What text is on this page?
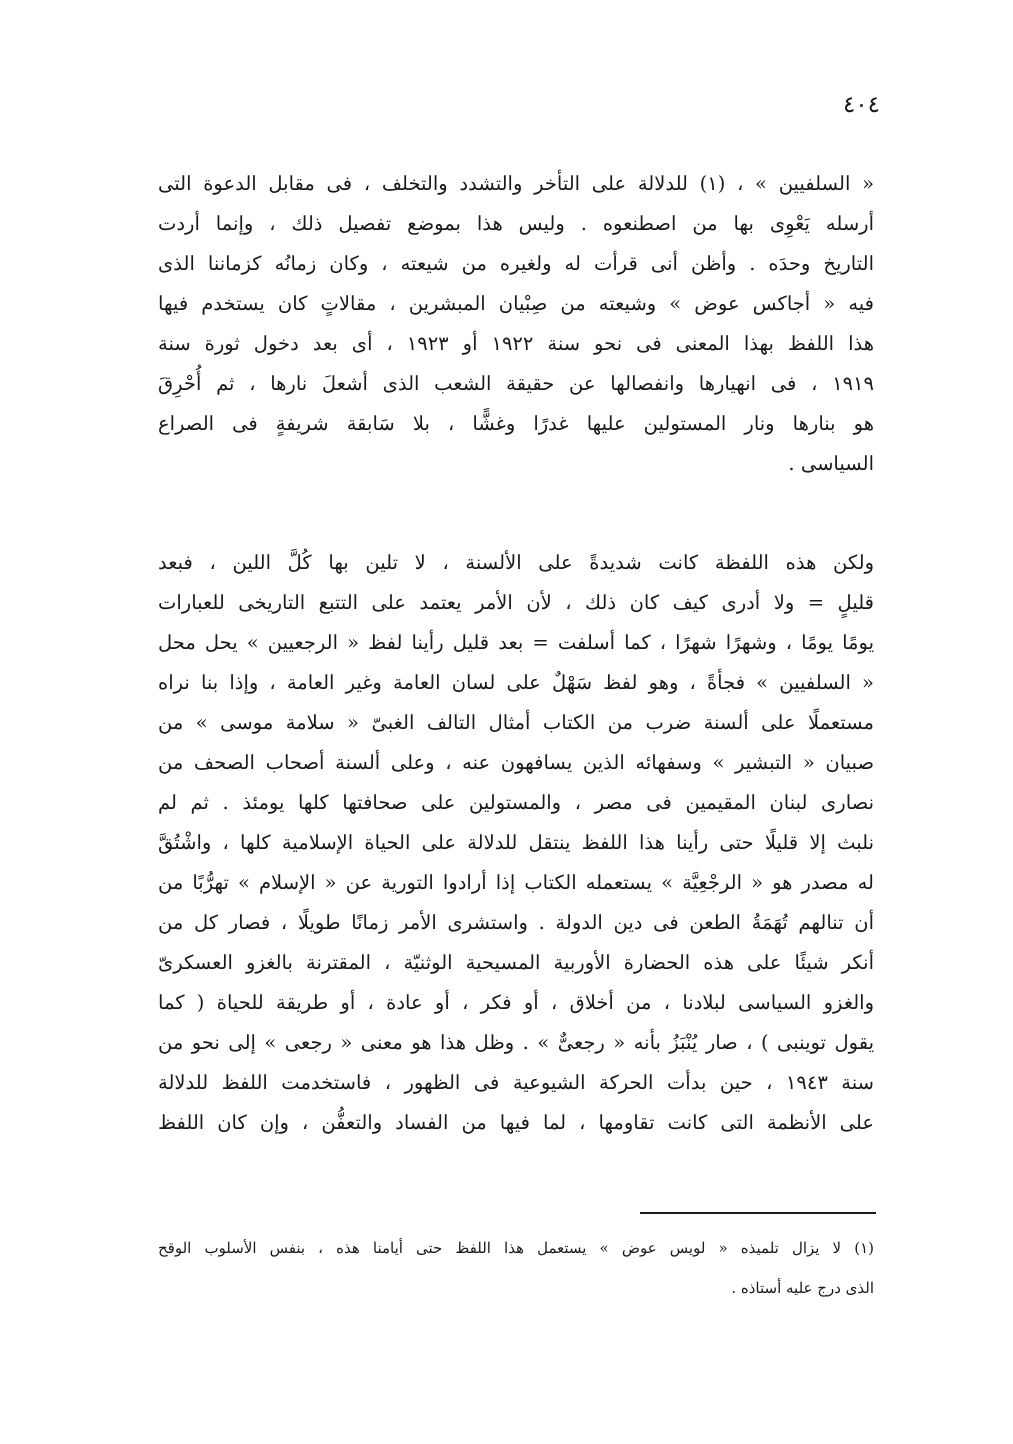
٤٠٤
« السلفيين » ، (١) للدلالة على التأخر والتشدد والتخلف ، فى مقابل الدعوة التى
أرسله يَعْوِى بها من اصطنعوه . وليس هذا بموضع تفصيل ذلك ، وإنما أردت
التاريخ وحدَه . وأظن أنى قرأت له ولغيره من شيعته ، وكان زمانُه كزماننا الذى
فيه « أجاكس عوض » وشيعته من صِبْيان المبشرين ، مقالاتٍ كان يستخدم فيها
هذا اللفظ بهذا المعنى فى نحو سنة ١٩٢٢ أو ١٩٢٣ ، أى بعد دخول ثورة سنة
١٩١٩ ، فى انهيارها وانفصالها عن حقيقة الشعب الذى أشعلَ نارها ، ثم أُحْرِقَ
هو بنارها ونار المستولين عليها غدرًا وغشًّا ، بلا سَابقة شريفةٍ فى الصراع
السياسى .
ولكن هذه اللفظة كانت شديدةً على الألسنة ، لا تلين بها كُلَّ اللين ، فبعد
قليلٍ = ولا أدرى كيف كان ذلك ، لأن الأمر يعتمد على التتبع التاريخى للعبارات
يومًا يومًا ، وشهرًا شهرًا ، كما أسلفت = بعد قليل رأينا لفظ « الرجعيين » يحل محل
« السلفيين » فجأةً ، وهو لفظ سَهْلٌ على لسان العامة وغير العامة ، وإذا بنا نراه
مستعملًا على ألسنة ضرب من الكتاب أمثال التالف الغبىّ « سلامة موسى » من
صبيان « التبشير » وسفهائه الذين يسافهون عنه ، وعلى ألسنة أصحاب الصحف من
نصارى لبنان المقيمين فى مصر ، والمستولين على صحافتها كلها يومئذ . ثم لم
نلبث إلا قليلًا حتى رأينا هذا اللفظ ينتقل للدلالة على الحياة الإسلامية كلها ، واشْتُقَّ
له مصدر هو « الرجْعِيَّة » يستعمله الكتاب إذا أرادوا التورية عن « الإسلام » تهرُّبًا من
أن تنالهم تُهَمَةُ الطعن فى دين الدولة . واستشرى الأمر زمانًا طويلًا ، فصار كل من
أنكر شيئًا على هذه الحضارة الأوربية المسيحية الوثنيّة ، المقترنة بالغزو العسكرىّ
والغزو السياسى لبلادنا ، من أخلاق ، أو فكر ، أو عادة ، أو طريقة للحياة ( كما
يقول توينبى ) ، صار يُنْبَزُ بأنه « رجعىٌّ » . وظل هذا هو معنى « رجعى » إلى نحو من
سنة ١٩٤٣ ، حين بدأت الحركة الشيوعية فى الظهور ، فاستخدمت اللفظ للدلالة
على الأنظمة التى كانت تقاومها ، لما فيها من الفساد والتعفُّن ، وإن كان اللفظ
(١) لا يزال تلميذه « لويس عوض » يستعمل هذا اللفظ حتى أيامنا هذه ، بنفس الأسلوب الوقح
الذى درج عليه أستاذه .
